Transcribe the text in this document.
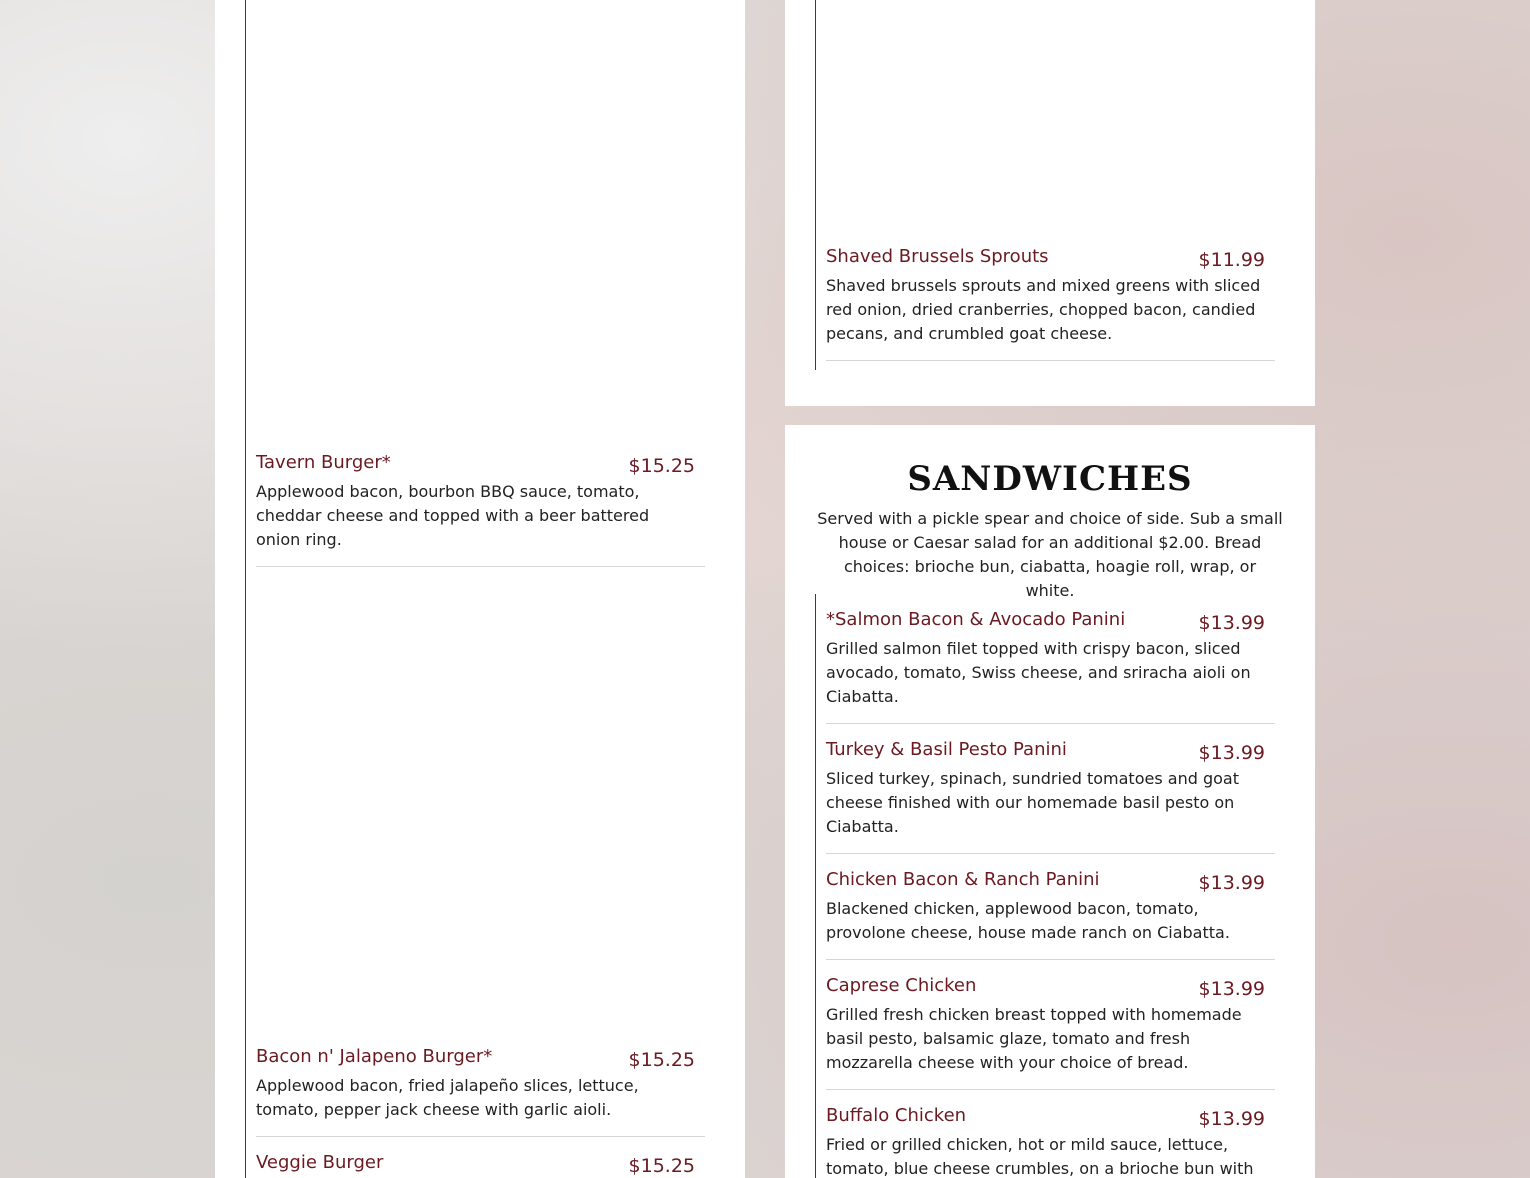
Tavern Burger*	$15.25
Applewood bacon, bourbon BBQ sauce, tomato, cheddar cheese and topped with a beer battered onion ring.
Bacon n' Jalapeno Burger*	$15.25
Applewood bacon, fried jalapeño slices, lettuce, tomato, pepper jack cheese with garlic aioli.
Veggie Burger	$15.25
Shaved Brussels Sprouts	$11.99
Shaved brussels sprouts and mixed greens with sliced red onion, dried cranberries, chopped bacon, candied pecans, and crumbled goat cheese.
SANDWICHES
Served with a pickle spear and choice of side. Sub a small house or Caesar salad for an additional $2.00. Bread choices: brioche bun, ciabatta, hoagie roll, wrap, or white.
*Salmon Bacon & Avocado Panini	$13.99
Grilled salmon filet topped with crispy bacon, sliced avocado, tomato, Swiss cheese, and sriracha aioli on Ciabatta.
Turkey & Basil Pesto Panini	$13.99
Sliced turkey, spinach, sundried tomatoes and goat cheese finished with our homemade basil pesto on Ciabatta.
Chicken Bacon & Ranch Panini	$13.99
Blackened chicken, applewood bacon, tomato, provolone cheese, house made ranch on Ciabatta.
Caprese Chicken	$13.99
Grilled fresh chicken breast topped with homemade basil pesto, balsamic glaze, tomato and fresh mozzarella cheese with your choice of bread.
Buffalo Chicken	$13.99
Fried or grilled chicken, hot or mild sauce, lettuce, tomato, blue cheese crumbles, on a brioche bun with
